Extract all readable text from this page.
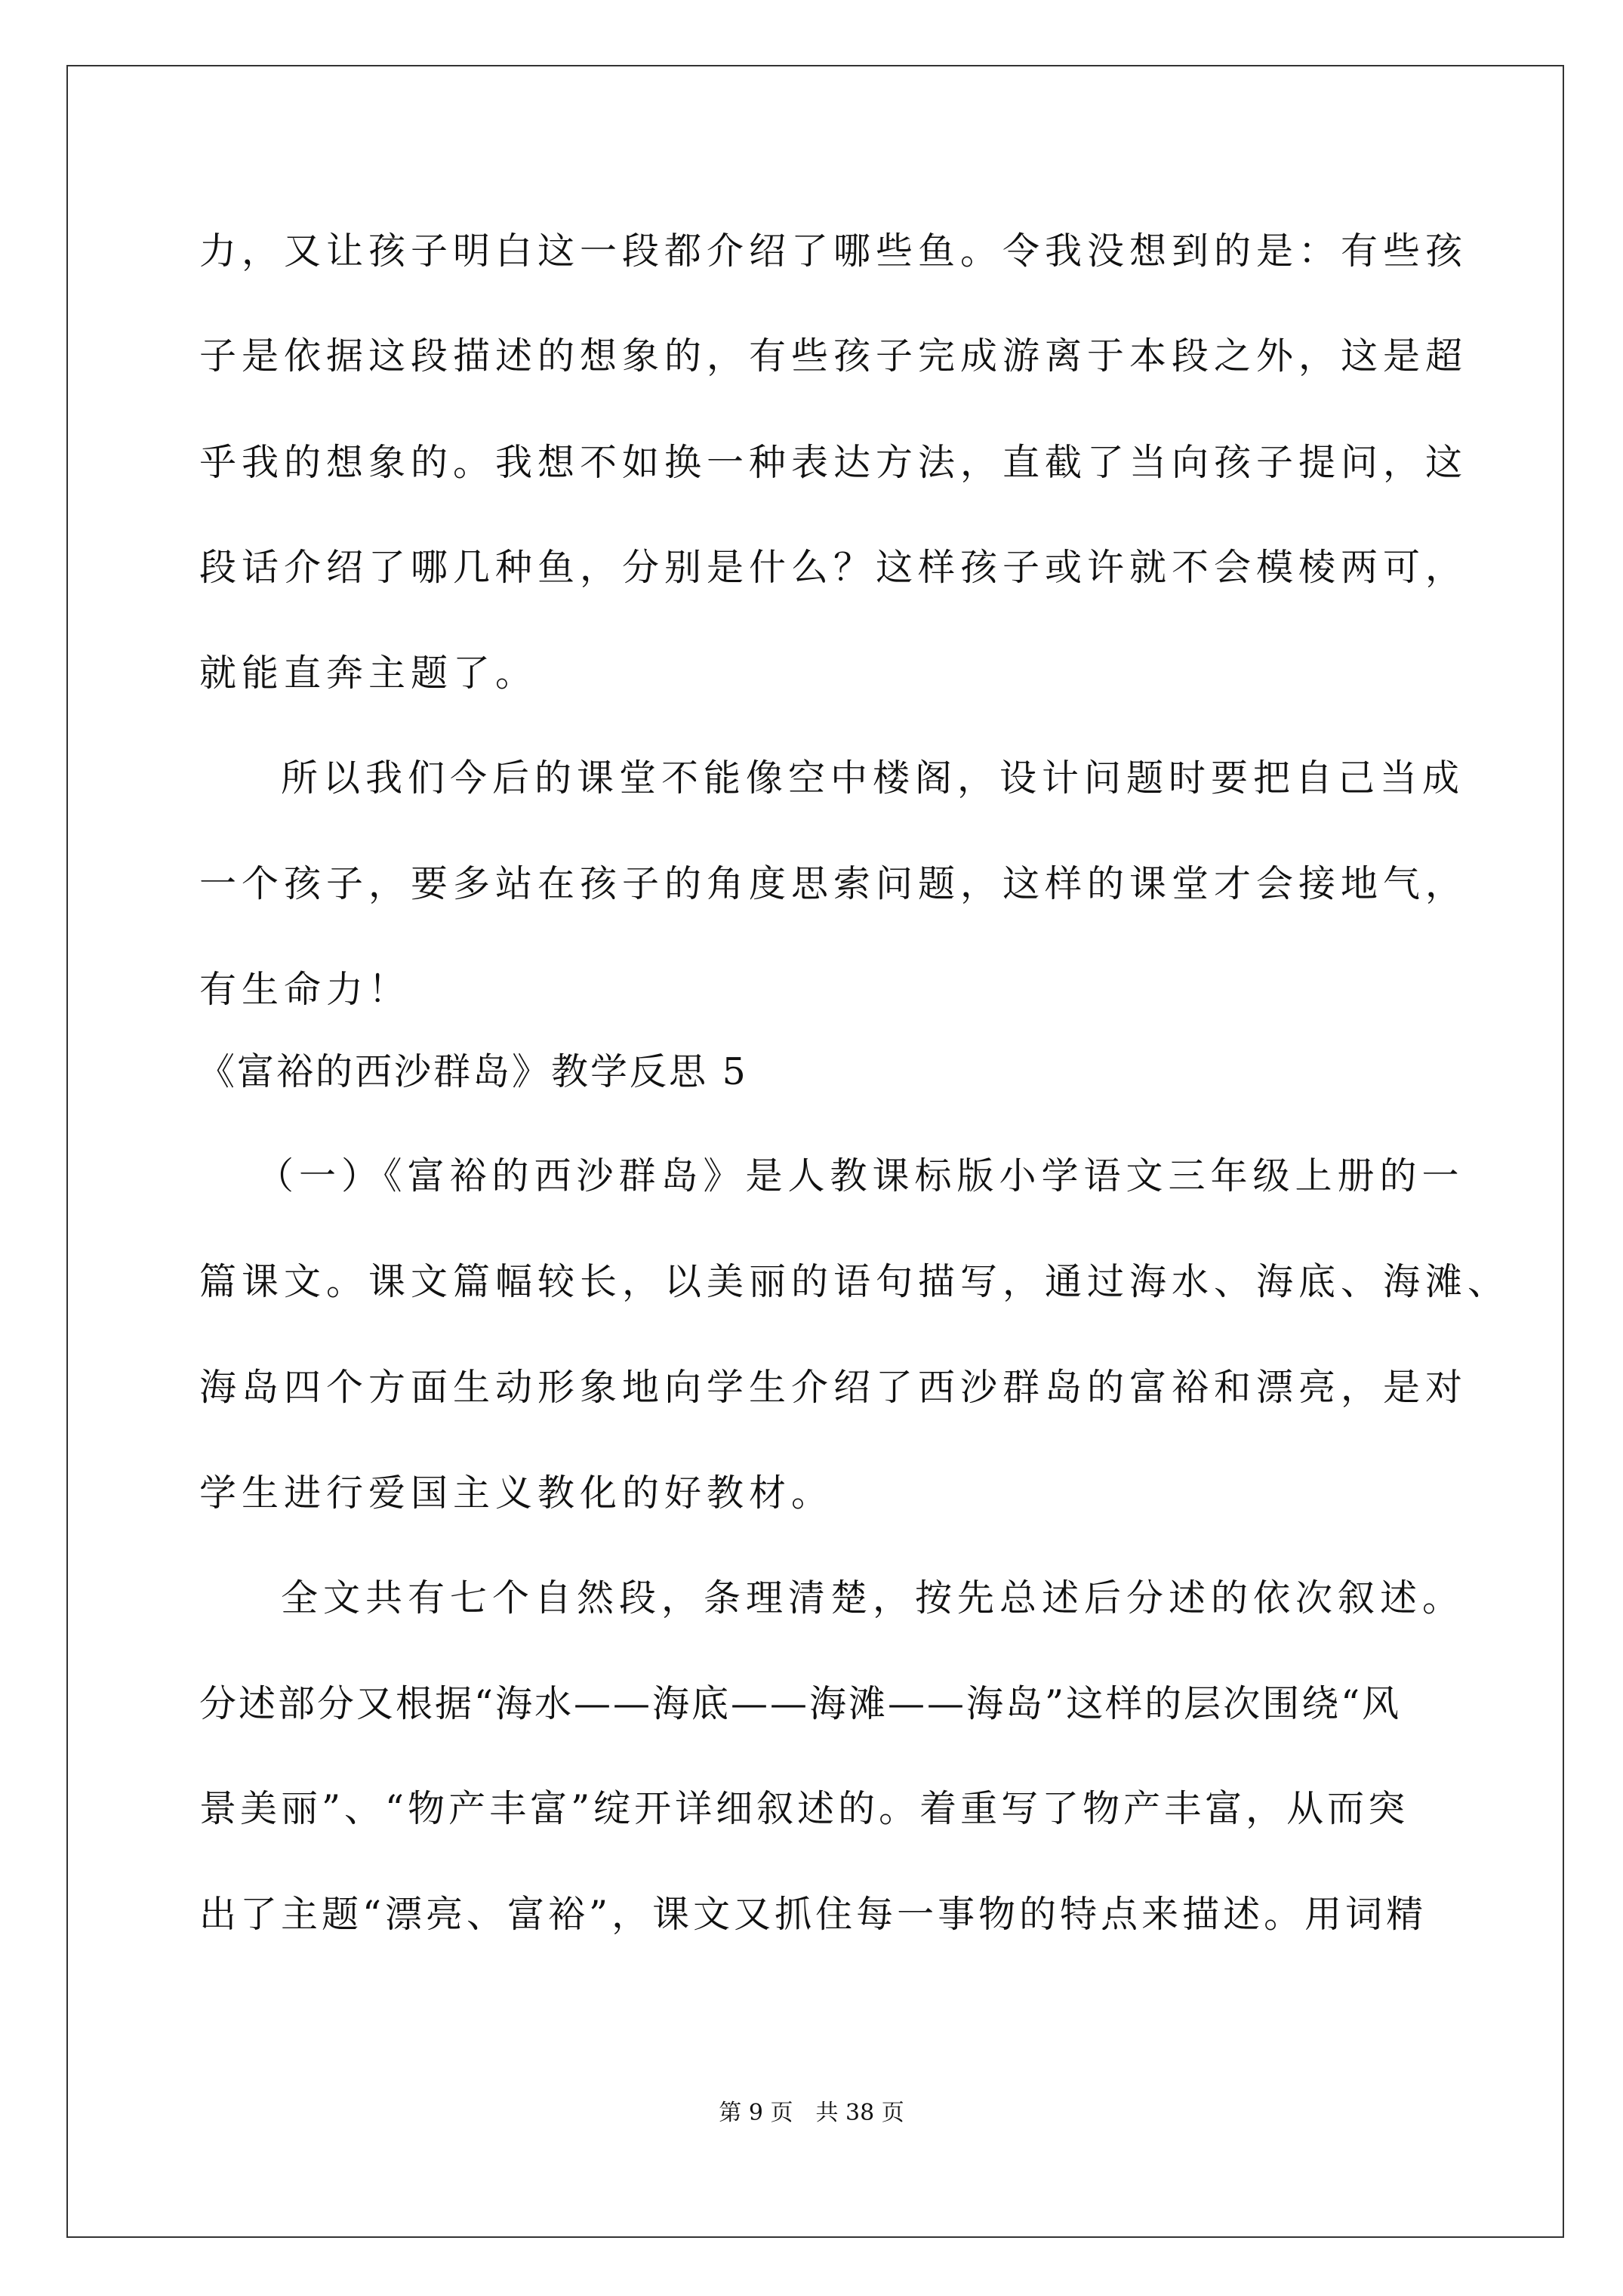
力，又让孩子明白这一段都介绍了哪些鱼。令我没想到的是：有些孩
子是依据这段描述的想象的，有些孩子完成游离于本段之外，这是超
乎我的想象的。我想不如换一种表达方法，直截了当向孩子提问，这
段话介绍了哪几种鱼，分别是什么？这样孩子或许就不会模棱两可，
就能直奔主题了。
所以我们今后的课堂不能像空中楼阁，设计问题时要把自己当成
一个孩子，要多站在孩子的角度思索问题，这样的课堂才会接地气，
有生命力！
《富裕的西沙群岛》教学反思 5
（一）《富裕的西沙群岛》是人教课标版小学语文三年级上册的一
篇课文。课文篇幅较长，以美丽的语句描写，通过海水、海底、海滩、
海岛四个方面生动形象地向学生介绍了西沙群岛的富裕和漂亮，是对
学生进行爱国主义教化的好教材。
全文共有七个自然段，条理清楚，按先总述后分述的依次叙述。
分述部分又根据“海水——海底——海滩——海岛”这样的层次围绕“风
景美丽”、“物产丰富”绽开详细叙述的。着重写了物产丰富，从而突
出了主题“漂亮、富裕”，课文又抓住每一事物的特点来描述。用词精
第 9 页　共 38 页
